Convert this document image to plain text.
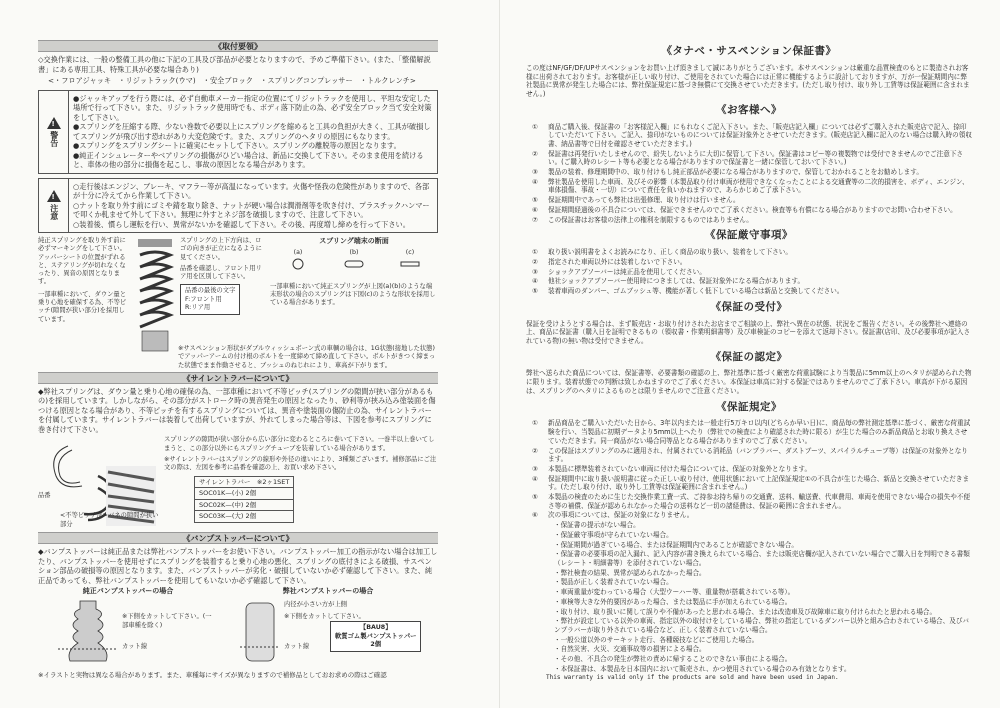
《取付要領》

◇交換作業には、一般の整備工具の他に下記の工具及び部品が必要となりますので、予めご準備下さい。(また、「整備解説書」にある専用工具、特殊工具が必要な場合あり)

<・フロアジャッキ　・リジットラック(ウマ)　・安全ブロック　・スプリングコンプレッサー　・トルクレンチ>

!
警告

●ジャッキアップを行う際には、必ず自動車メーカー指定の位置にてリジットラックを使用し、平坦な安定した場所で行って下さい。また、リジットラック使用時でも、ボディ落下防止の為、必ず安全ブロック当て安全対策をして下さい。

●スプリングを圧縮する際、少ない巻数で必要以上にスプリングを縮めると工具の負担が大きく、工具が破損してスプリングが飛び出す恐れがあり大変危険です。また、スプリングのヘタリの原因にもなります。

●スプリングをスプリングシートに確実にセットして下さい。スプリングの離脱等の原因となります。

●純正インシュレーターやベアリングの損傷がひどい場合は、新品に交換して下さい。そのまま使用を続けると、車体の他の部分に損傷を起こし、事故の原因となる場合があります。

!
注意

○走行後はエンジン、ブレーキ、マフラー等が高温になっています。火傷や怪我の危険性がありますので、各部が十分に冷えてから作業して下さい。

○ナットを取り外す前にゴミや錆を取り除き、ナットが硬い場合は潤滑剤等を吹き付け、プラスチックハンマーで叩くか軋ませて外して下さい。無理に外すとネジ部を破損しますので、注意して下さい。

○装着後、慣らし運転を行い、異常がないかを確認して下さい。その後、再度増し締めを行って下さい。

純正スプリングを取り外す前に必ずマーキングをして下さい。アッパーシートの位置がずれると、ステアリングが切れなくなったり、異音の原因となります。

一部車種において、ダウン量と乗り心地を確保する為、不等ピッチ(隙間が狭い部分)を採用しています。

スプリングの上下方向は、ロゴの向きが正立になるように見てください。

品番を確認し、フロント用リア用を区別して下さい。

品番の最後の文字
F:フロント用
R:リア用
スプリング端末の断面
(a)	(b)	(c)

一部車種において純正スプリングが上図(a)(b)のような端末形状の場合のスプリングは下図(c)のような形状を採用している場合があります。

※サスペンション形状がダブルウィッシュボーン式の車輌の場合は、1G状態(接地した状態)でアッパーアームの付け根のボルトを一度締めて締め直して下さい。ボルトがきつく締まった状態でまま作動させると、ブッシュのねじれにより、車高が下がります。

《サイレントラバーについて》

◆弊社スプリングは、ダウン量と乗り心地の確保の為、一部車種において不等ピッチ(スプリングの隙間が狭い部分があるもの)を採用しています。しかしながら、その部分がストローク時の異音発生の原因となったり、砂利等が挟み込み塗装面を傷つける原因となる場合があり、不等ピッチを有するスプリングについては、異音や塗装面の傷防止の為、サイレントラバーを付属しています。サイレントラバーは装着して出荷していますが、外れてしまった場合等は、下図を参考にスプリングに巻き付けて下さい。

品番
<不等ピッチ部>バネの隙間が狭い部分

スプリングの隙間が狭い部分から広い部分に変わるところに巻いて下さい。一巻半以上巻いてしまうと、この部分以外にもスプリングチューブを装着している場合があります。

※サイレントラバーはスプリングの線形や外径の違いにより、3種類ございます。補修部品にご注文の際は、左図を参考に品番を確認の上、お買い求め下さい。

サイレントラバー　※2ヶ1SET
SOC01K—(小) 2個
SOC02K—(中) 2個
SOC03K—(大) 2個
《バンプストッパーについて》

◆バンプストッパーは純正品または弊社バンプストッパーをお使い下さい。バンプストッパー加工の指示がない場合は加工したり、バンプストッパーを使用せずにスプリングを装着すると乗り心地の悪化、スプリングの底付きによる破損、サスペンション部品の破損等の原因となります。また、バンプストッパーが劣化・破損していないか必ず確認して下さい。また、純正品であっても、弊社バンプストッパーを使用してもいないか必ず確認して下さい。

純正バンプストッパーの場合
※下側をカットして下さい。(一部車種を除く)
カット線
弊社バンプストッパーの場合
内径が小さい方が上側
※下側をカットして下さい。
カット線
【BAU8】
軟質ゴム製バンプストッパー
2個

※イラストと実物は異なる場合があります。また、車種毎にサイズが異なりますので補修品としておお求めの際はご確認

《タナベ・サスペンション保証書》

この度はNF/GF/DF/UPサスペンションをお買い上げ頂きまして誠にありがとうございます。本サスペンションは厳重な品質検査のもとに製造されお客様に出荷されております。お客様が正しい取り付け、ご使用をされていた場合には正常に機能するように設計しておりますが、万が一保証期間内に弊社製品に異常が発生した場合には、弊社保証規定に基づき無償にて交換させていただきます。(ただし取り付け、取り外し工賃等は保証範囲に含まれません。)

《お客様へ》
①	商品ご購入後、保証書の「お客様記入欄」にもれなくご記入下さい。また、「販売店記入欄」については必ずご購入された販売店で記入、捺印していただいて下さい。ご記入、捺印がないものについては保証対象外とさせていただきます。(販売店記入欄に記入のない場合は購入時の領収書、納品書等で日付を確認させていただきます。)
②	保証書は再発行いたしませんので、紛失しないように大切に保管して下さい。保証書はコピー等の複製物では受付できませんのでご注意下さい。(ご購入時のレシート等も必要となる場合がありますので保証書と一緒に保管しておいて下さい。)
③	製品の装着、修理期間中の、取り付けもし純正部品が必要になる場合がありますので、保管しておかれることをお勧めします。
④	弊社製品を使用した車両、及びその影響（本製品取り付け車両が使用できなくなったことによる交通費等の二次的損害を、ボディ、エンジン、車体損傷、事故・一切）について責任を負いかねますので、あらかじめご了承下さい。
⑤	保証期間中であっても弊社は出張修理、取り付けは行いません。
⑥	保証期間経過後の不具合については、保証できませんのでご了承ください。検査等も有償になる場合がありますのでお問い合わせ下さい。
⑦	この保証書はお客様の法律上の権利を制限するものではありません。
《保証厳守事項》
①	取り扱い説明書をよくお読みになり、正しく商品の取り扱い、装着をして下さい。
②	指定された車両以外には装着しないで下さい。
③	ショックアブソーバーは純正品を使用してください。
④	他社ショックアブソーバー使用時につきましては、保証対象外になる場合があります。
⑤	装着車両のダンパー、ゴムブッシュ等、機能が著しく低下している場合は新品と交換してください。
《保証の受付》

保証を受けようとする場合は、まず販売店・お取り付けされたお店までご相談の上、弊社へ異在の状態、状況をご報告ください。その後弊社へ連絡の上、商品に保証書（購入日を証明できるもの（領収書・作業明細書等）及び車検証のコピーを添えて返却下さい。保証書(店印、及び必要事項が記入されている物)の無い物は受付できません。

《保証の認定》

弊社へ送られた商品については、保証書等、必要書類の確認の上、弊社基準に基づく厳密な荷重試験により当製品に5mm以上のヘタリが認められた物に限ります。装着状態での判断は致しかねますのでご了承ください。本保証は車高に対する保証ではありませんのでご了承下さい。車高が下がる原因は、スプリングのヘタリによるものとは限りませんのでご注意ください。

《保証規定》
①	新品商品をご購入いただいた日から、3年以内または一般走行5万キロ以内(どちらか早い日)に、商品毎の弊社測定基準に基づく、厳密な荷重試験を行い、当製品に初期データより5mm以上へたり（弊社での検査により確認された時に限る）が生じた場合のみ新品商品とお取り換えさせていただきます。同一商品がない場合同等品となる場合がありますのでご了承ください。
②	この保証はスプリングのみに適用され、付属されている消耗品（バンプラバー、ダストブーツ、スパイラルチューブ等）は保証の対象外となります。
③	本製品に標準装着されていない車両に付けた場合については、保証の対象外となります。
④	保証期間中に取り扱い説明書に従った正しい取り付け、使用状態において上記保証規定①の不具合が生じた場合、新品と交換させていただきます。(ただし取り付け、取り外し工賃等は保証範囲に含まれません。)
⑤	本製品の検査のために生じた交換作業工費一式、ご持参お持ち帰りの交通費、送料、輸送費、代車費用、車両を使用できない場合の損失や不便さ等の補償、保証が認められなかった場合の送料など一切の諸経費は、保証の範囲に含まれません。
⑥	次の事項については、保証の対象になりません。
・保証書の提示がない場合。
・保証厳守事項が守られていない場合。
・保証期間が過ぎている場合、または保証期間内であることが確認できない場合。
・保証書の必要事項の記入漏れ、記入内容が書き換えられている場合、または販売店欄が記入されていない場合でご購入日を判明できる書類（レシート・明細書等）を添付されていない場合。
・弊社検査の結果、異常が認められなかった場合。
・製品が正しく装着されていない場合。
・車両重量が変わっている場合（大型ウーハー等、重量物が搭載されている等）。
・車検等大きな外的要因があった場合、または製品に手が加えられている場合。
・取り付け、取り扱いに関して誤りや不備があったと思われる場合、または改造車及び故障車に取り付けられたと思われる場合。
・弊社が設定している以外の車両、指定以外の取付けをしている場合、弊社の指定しているダンパー以外と組み合わされている場合、及びバンプラバーが取り外されている場合など、正しく装着されていない場合。
・一般公道以外のサーキット走行、各種競技などにご使用した場合。
・自然災害、火災、交通事故等の損害による場合。
・その他、不具合の発生が弊社の責めに帰することのできない事由による場合。
・本保証書は、本製品を日本国内において販売され、かつ使用されている場合のみ有効となります。

This warranty is valid only if the products are sold and have been used in Japan.
